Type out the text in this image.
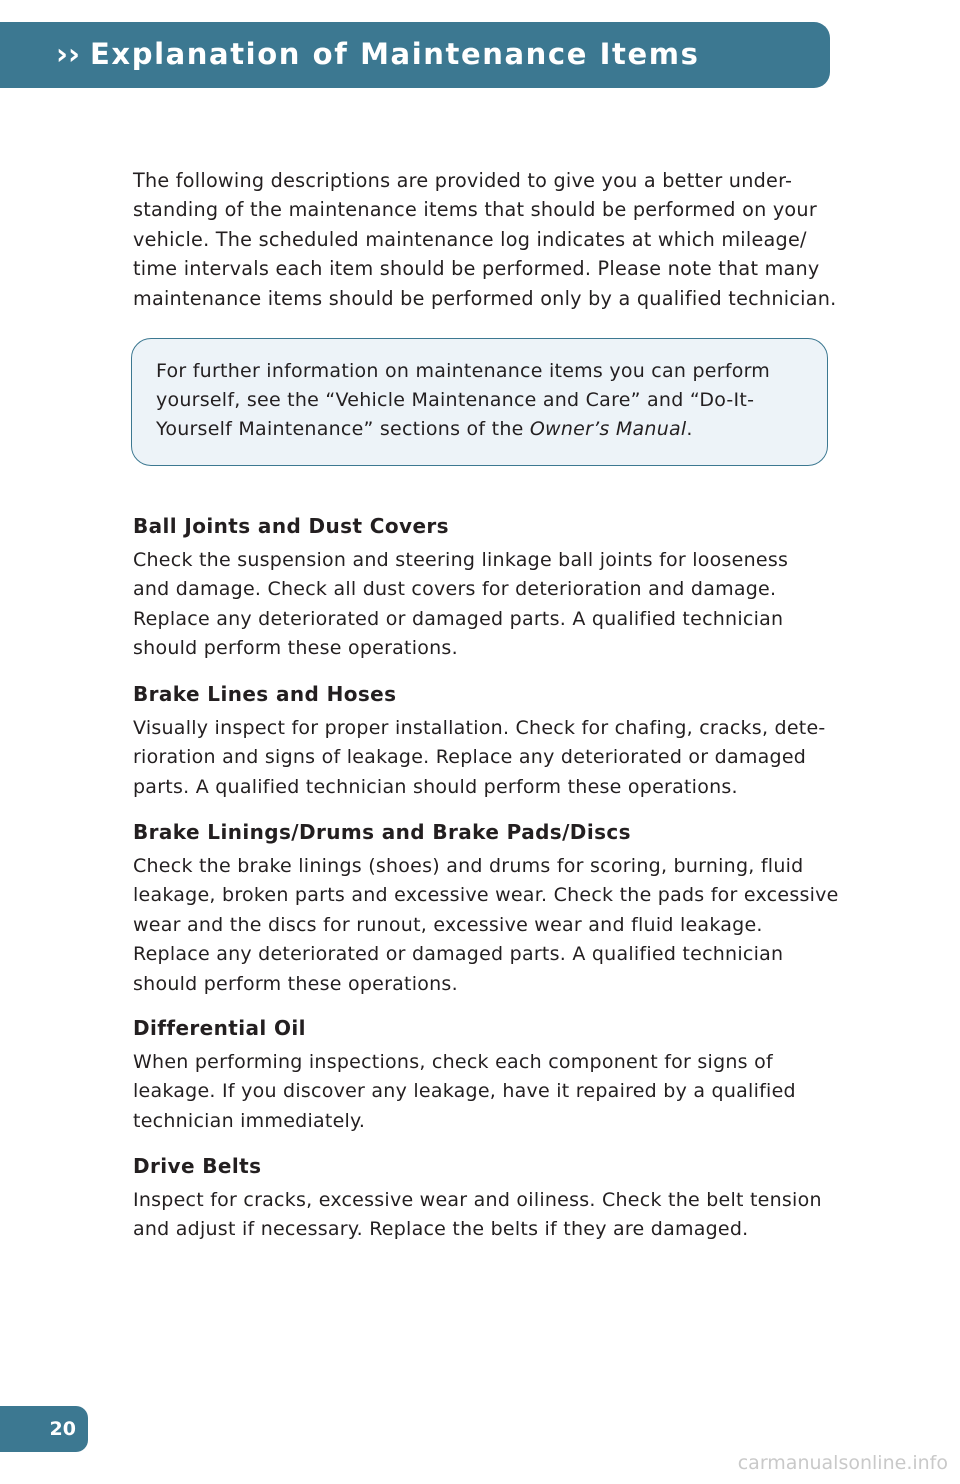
›› Explanation of Maintenance Items
The following descriptions are provided to give you a better under-
standing of the maintenance items that should be performed on your
vehicle. The scheduled maintenance log indicates at which mileage/
time intervals each item should be performed. Please note that many
maintenance items should be performed only by a qualified technician.
For further information on maintenance items you can perform
yourself, see the “Vehicle Maintenance and Care” and “Do-It-
Yourself Maintenance” sections of the Owner’s Manual.
Ball Joints and Dust Covers
Check the suspension and steering linkage ball joints for looseness
and damage. Check all dust covers for deterioration and damage.
Replace any deteriorated or damaged parts. A qualified technician
should perform these operations.
Brake Lines and Hoses
Visually inspect for proper installation. Check for chafing, cracks, dete-
rioration and signs of leakage. Replace any deteriorated or damaged
parts. A qualified technician should perform these operations.
Brake Linings/Drums and Brake Pads/Discs
Check the brake linings (shoes) and drums for scoring, burning, fluid
leakage, broken parts and excessive wear. Check the pads for excessive
wear and the discs for runout, excessive wear and fluid leakage.
Replace any deteriorated or damaged parts. A qualified technician
should perform these operations.
Differential Oil
When performing inspections, check each component for signs of
leakage. If you discover any leakage, have it repaired by a qualified
technician immediately.
Drive Belts
Inspect for cracks, excessive wear and oiliness. Check the belt tension
and adjust if necessary. Replace the belts if they are damaged.
20
carmanualsonline.info
